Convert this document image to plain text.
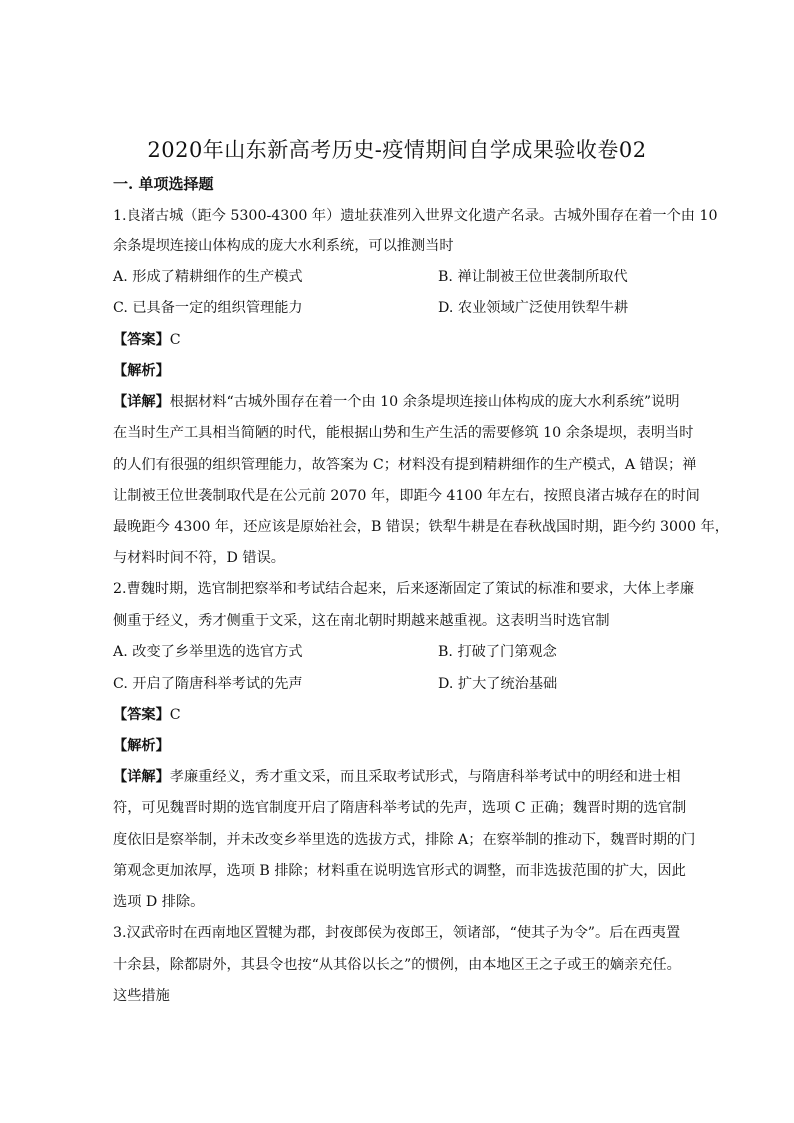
2020年山东新高考历史-疫情期间自学成果验收卷02
一. 单项选择题
1.良渚古城（距今 5300-4300 年）遗址获准列入世界文化遗产名录。古城外围存在着一个由 10
余条堤坝连接山体构成的庞大水利系统，可以推测当时
A. 形成了精耕细作的生产模式	B. 禅让制被王位世袭制所取代
C. 已具备一定的组织管理能力	D. 农业领域广泛使用铁犁牛耕
【答案】C
【解析】
【详解】根据材料“古城外围存在着一个由 10 余条堤坝连接山体构成的庞大水利系统”说明
在当时生产工具相当简陋的时代，能根据山势和生产生活的需要修筑 10 余条堤坝，表明当时
的人们有很强的组织管理能力，故答案为 C；材料没有提到精耕细作的生产模式，A 错误；禅
让制被王位世袭制取代是在公元前 2070 年，即距今 4100 年左右，按照良渚古城存在的时间
最晚距今 4300 年，还应该是原始社会，B 错误；铁犁牛耕是在春秋战国时期，距今约 3000 年，
与材料时间不符，D 错误。
2.曹魏时期，选官制把察举和考试结合起来，后来逐渐固定了策试的标准和要求，大体上孝廉
侧重于经义，秀才侧重于文采，这在南北朝时期越来越重视。这表明当时选官制
A. 改变了乡举里选的选官方式	B. 打破了门第观念
C. 开启了隋唐科举考试的先声	D. 扩大了统治基础
【答案】C
【解析】
【详解】孝廉重经义，秀才重文采，而且采取考试形式，与隋唐科举考试中的明经和进士相
符，可见魏晋时期的选官制度开启了隋唐科举考试的先声，选项 C 正确；魏晋时期的选官制
度依旧是察举制，并未改变乡举里选的选拔方式，排除 A；在察举制的推动下，魏晋时期的门
第观念更加浓厚，选项 B 排除；材料重在说明选官形式的调整，而非选拔范围的扩大，因此
选项 D 排除。
3.汉武帝时在西南地区置犍为郡，封夜郎侯为夜郎王，领诸部，“使其子为令”。后在西夷置
十余县，除都尉外，其县令也按“从其俗以长之”的惯例，由本地区王之子或王的嫡亲充任。
这些措施
